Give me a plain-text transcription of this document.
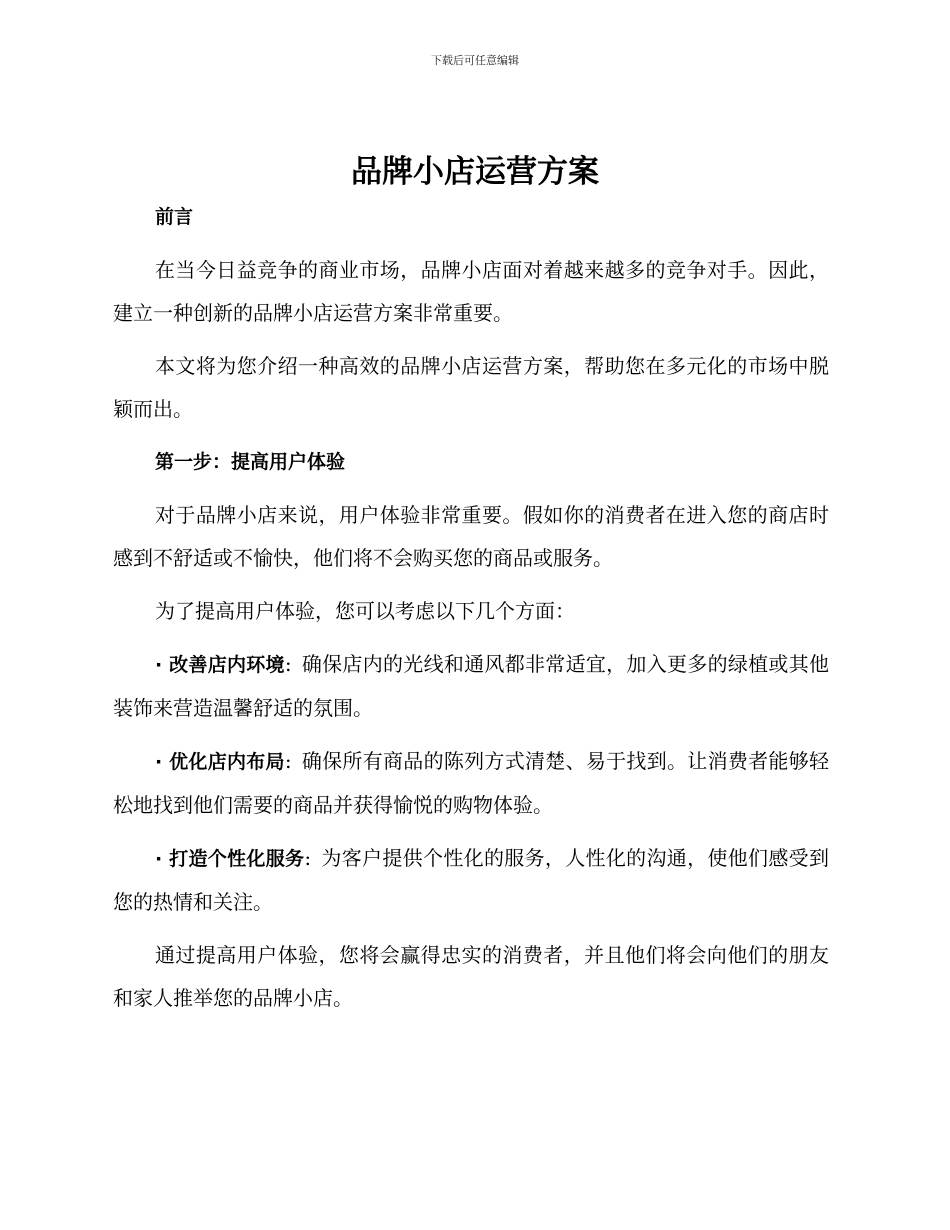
下载后可任意编辑
品牌小店运营方案

前言

在当今日益竞争的商业市场，品牌小店面对着越来越多的竞争对手。因此，建立一种创新的品牌小店运营方案非常重要。

本文将为您介绍一种高效的品牌小店运营方案，帮助您在多元化的市场中脱颖而出。

第一步：提高用户体验

对于品牌小店来说，用户体验非常重要。假如你的消费者在进入您的商店时感到不舒适或不愉快，他们将不会购买您的商品或服务。

为了提高用户体验，您可以考虑以下几个方面：

· 改善店内环境: 确保店内的光线和通风都非常适宜，加入更多的绿植或其他装饰来营造温馨舒适的氛围。

· 优化店内布局: 确保所有商品的陈列方式清楚、易于找到。让消费者能够轻松地找到他们需要的商品并获得愉悦的购物体验。

· 打造个性化服务: 为客户提供个性化的服务，人性化的沟通，使他们感受到您的热情和关注。

通过提高用户体验，您将会赢得忠实的消费者，并且他们将会向他们的朋友和家人推举您的品牌小店。
